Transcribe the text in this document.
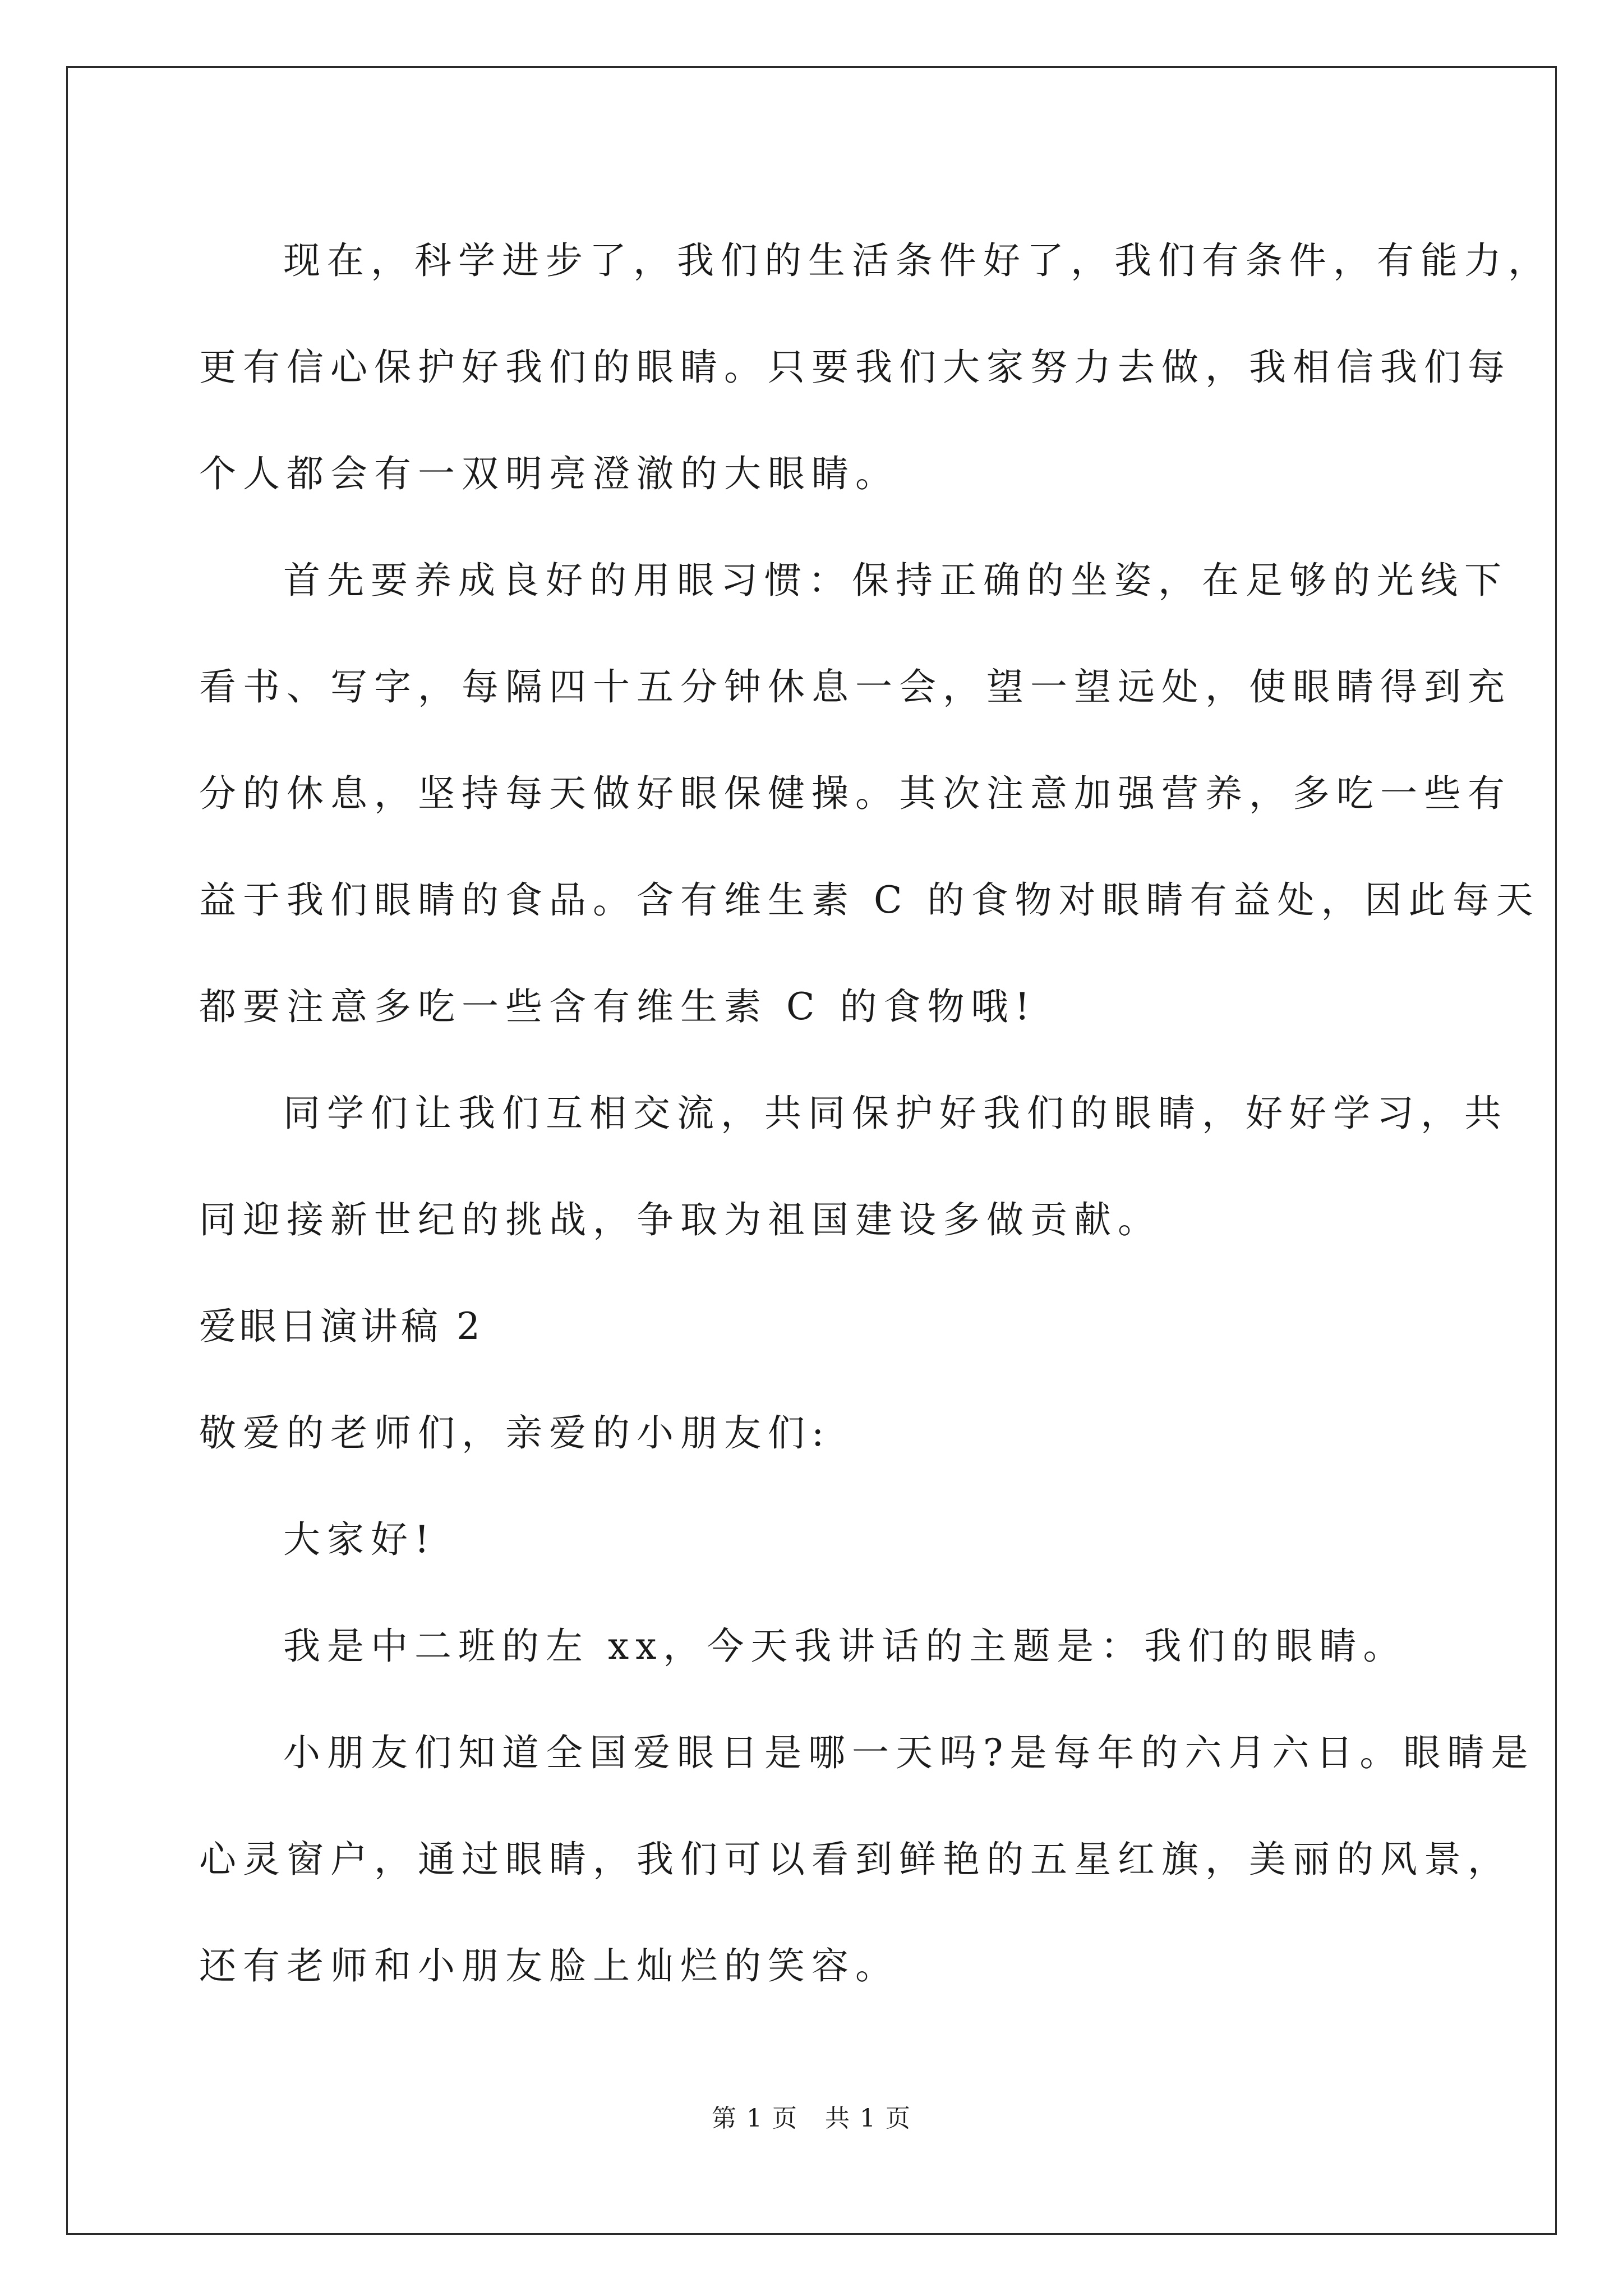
现在，科学进步了，我们的生活条件好了，我们有条件，有能力，
更有信心保护好我们的眼睛。只要我们大家努力去做，我相信我们每
个人都会有一双明亮澄澈的大眼睛。
首先要养成良好的用眼习惯：保持正确的坐姿，在足够的光线下
看书、写字，每隔四十五分钟休息一会，望一望远处，使眼睛得到充
分的休息，坚持每天做好眼保健操。其次注意加强营养，多吃一些有
益于我们眼睛的食品。含有维生素 C 的食物对眼睛有益处，因此每天
都要注意多吃一些含有维生素 C 的食物哦!
同学们让我们互相交流，共同保护好我们的眼睛，好好学习，共
同迎接新世纪的挑战，争取为祖国建设多做贡献。
爱眼日演讲稿 2
敬爱的老师们，亲爱的小朋友们:
大家好!
我是中二班的左 xx，今天我讲话的主题是：我们的眼睛。
小朋友们知道全国爱眼日是哪一天吗?是每年的六月六日。眼睛是
心灵窗户，通过眼睛，我们可以看到鲜艳的五星红旗，美丽的风景，
还有老师和小朋友脸上灿烂的笑容。
第 1 页 共 1 页
